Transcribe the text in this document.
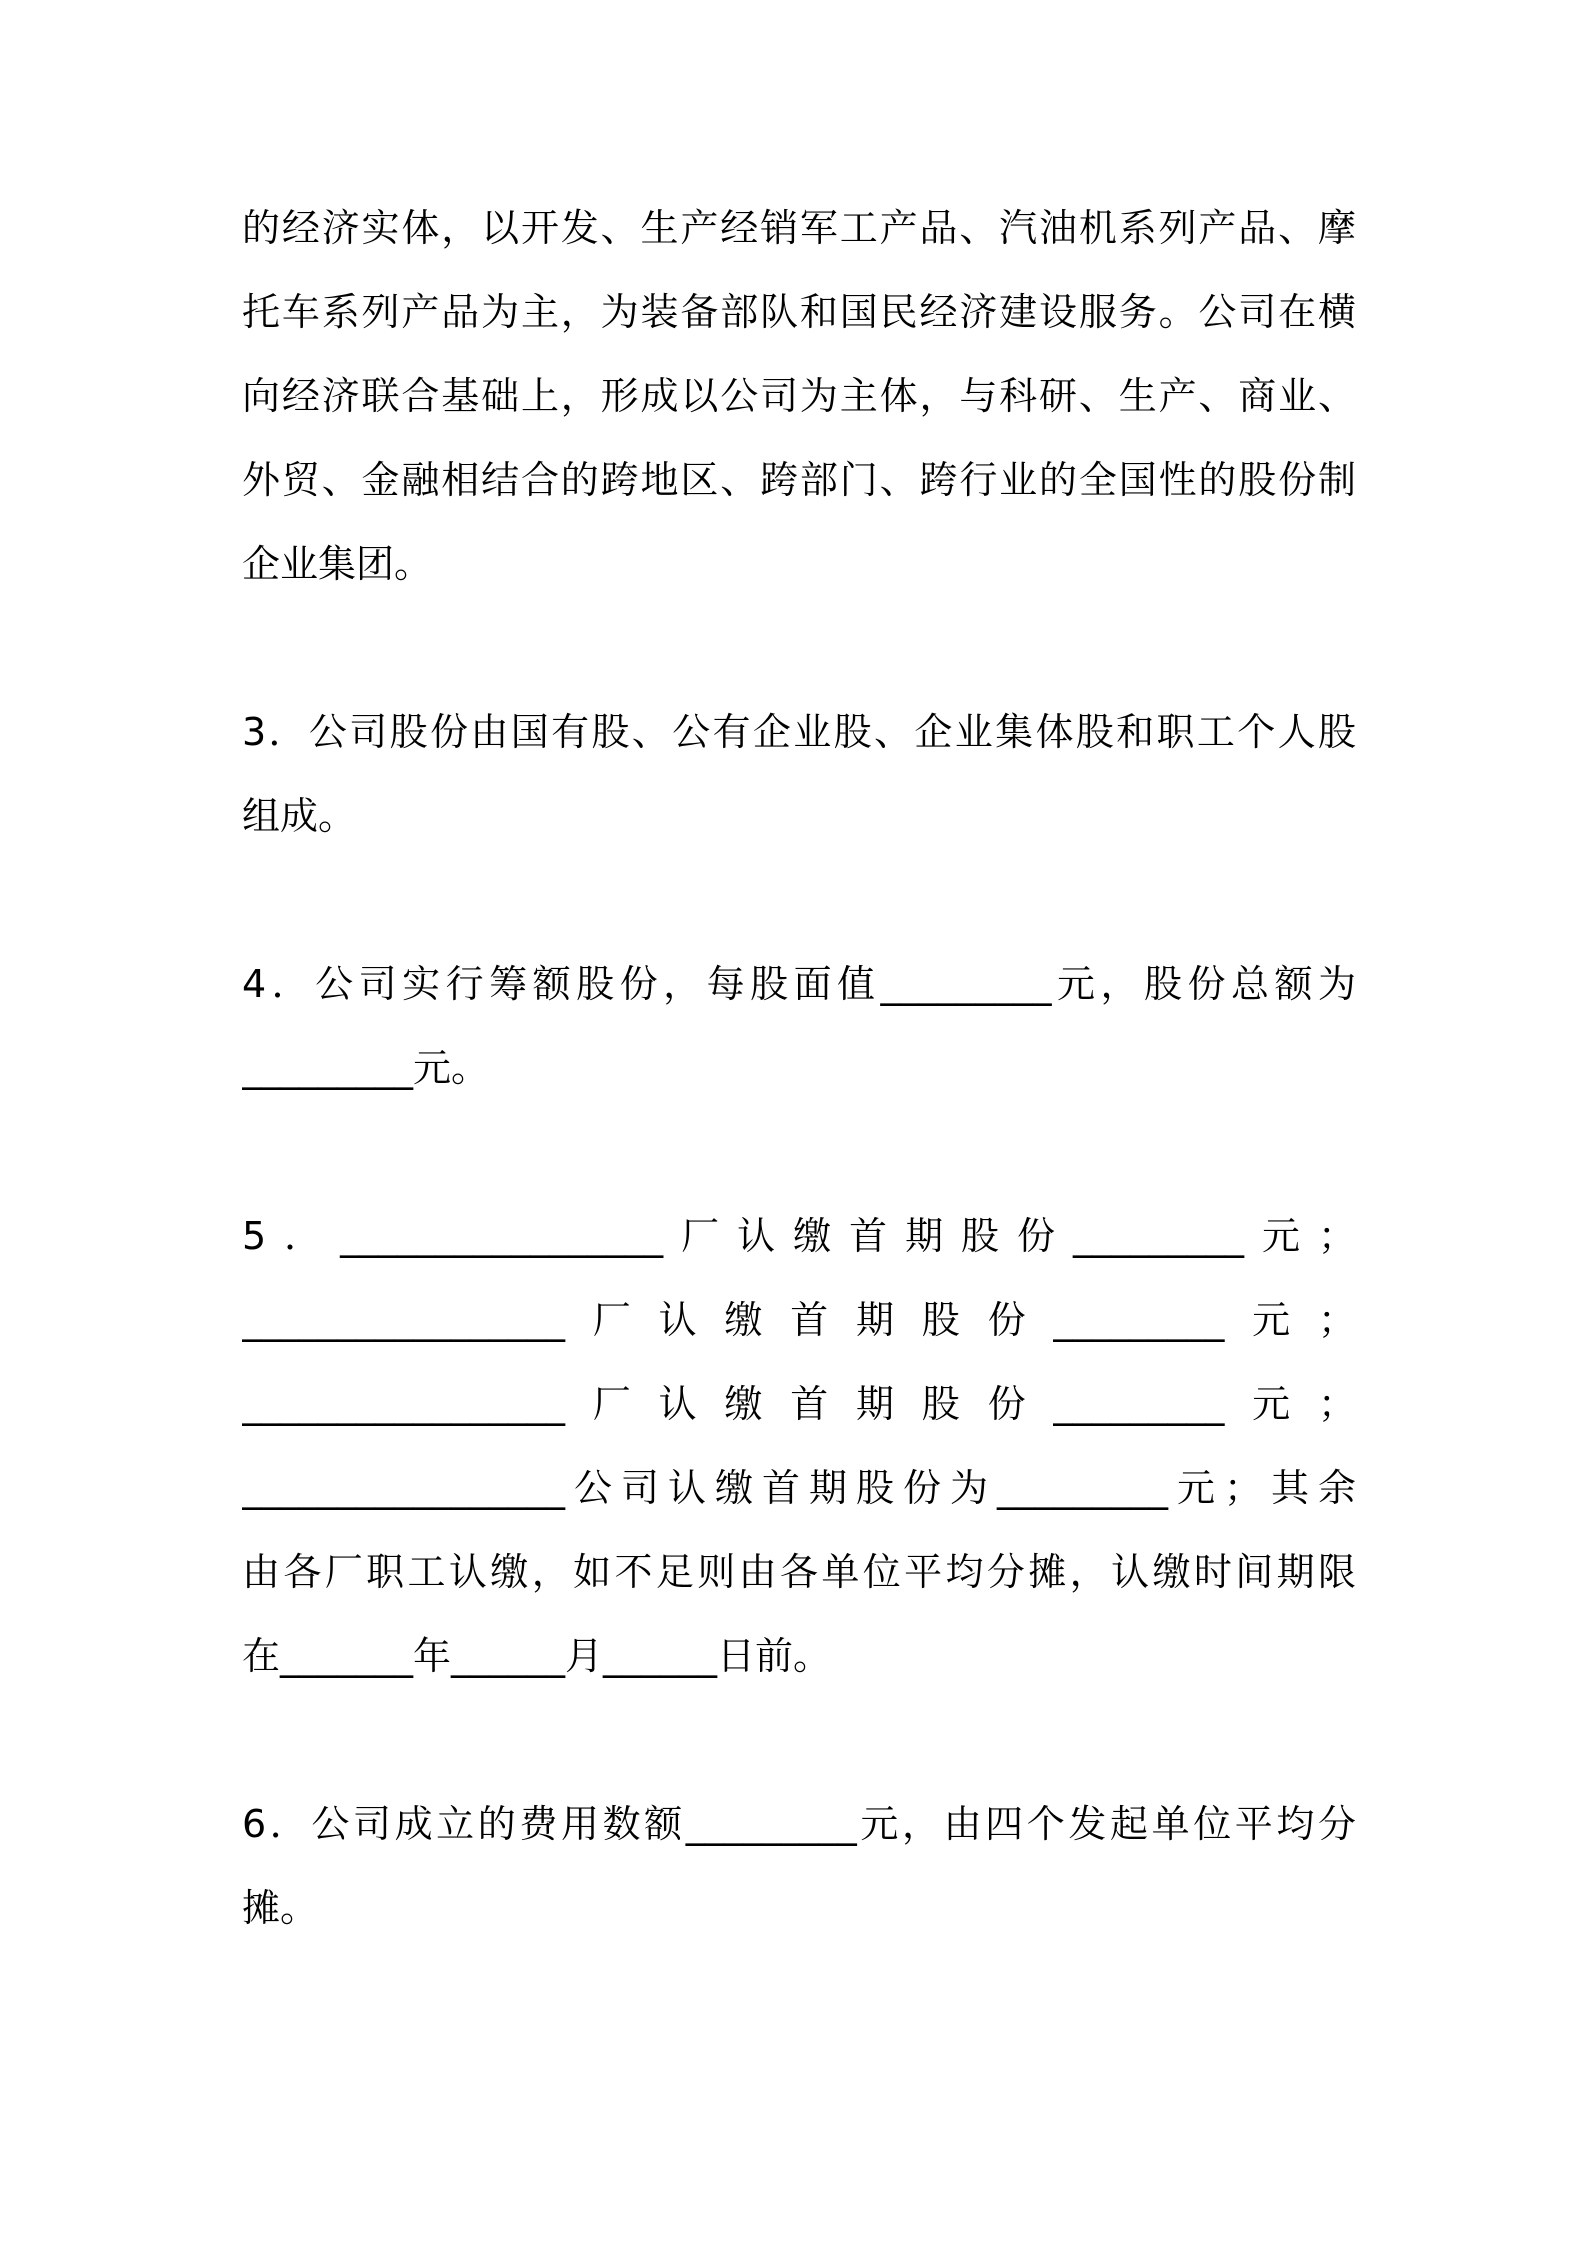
的经济实体，以开发、生产经销军工产品、汽油机系列产品、摩
托车系列产品为主，为装备部队和国民经济建设服务。公司在横
向经济联合基础上，形成以公司为主体，与科研、生产、商业、
外贸、金融相结合的跨地区、跨部门、跨行业的全国性的股份制
企业集团。
3．公司股份由国有股、公有企业股、企业集体股和职工个人股
组成。
4．公司实行筹额股份，每股面值_________元，股份总额为
_________元。
5．_________________厂认缴首期股份_________元；
_________________厂认缴首期股份_________元；
_________________厂认缴首期股份_________元；
_________________公司认缴首期股份为_________元；其余
由各厂职工认缴，如不足则由各单位平均分摊，认缴时间期限
在_______年______月______日前。
6．公司成立的费用数额_________元，由四个发起单位平均分
摊。
